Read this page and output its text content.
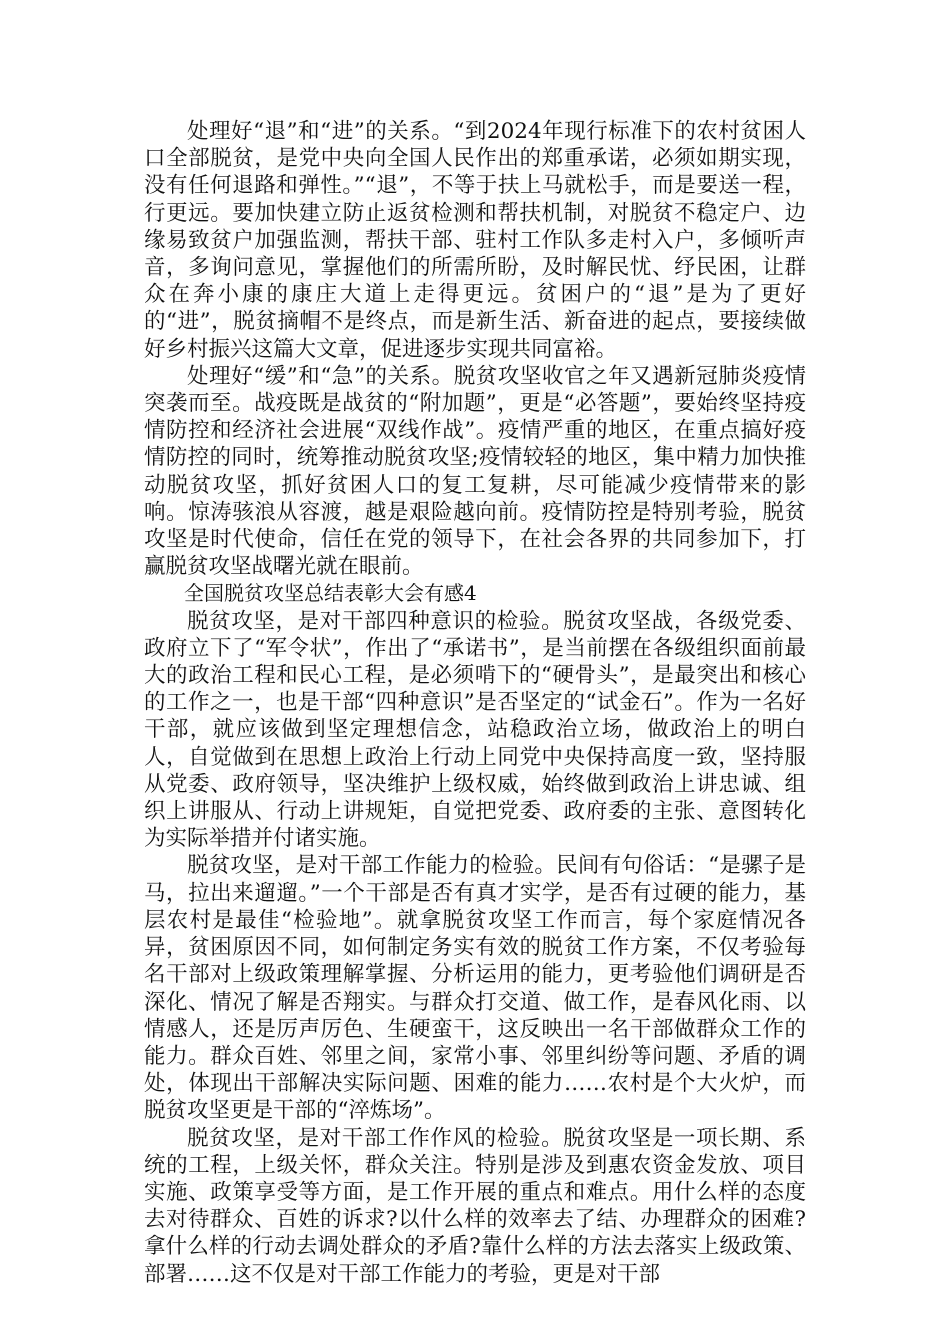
处理好“退”和“进”的关系。“到2024年现行标准下的农村贫困人口全部脱贫，是党中央向全国人民作出的郑重承诺，必须如期实现，没有任何退路和弹性。”“退”，不等于扶上马就松手，而是要送一程，行更远。要加快建立防止返贫检测和帮扶机制，对脱贫不稳定户、边缘易致贫户加强监测，帮扶干部、驻村工作队多走村入户，多倾听声音，多询问意见，掌握他们的所需所盼，及时解民忧、纾民困，让群众在奔小康的康庄大道上走得更远。贫困户的“退”是为了更好的“进”，脱贫摘帽不是终点，而是新生活、新奋进的起点，要接续做好乡村振兴这篇大文章，促进逐步实现共同富裕。

处理好“缓”和“急”的关系。脱贫攻坚收官之年又遇新冠肺炎疫情突袭而至。战疫既是战贫的“附加题”，更是“必答题”，要始终坚持疫情防控和经济社会进展“双线作战”。疫情严重的地区，在重点搞好疫情防控的同时，统筹推动脱贫攻坚;疫情较轻的地区，集中精力加快推动脱贫攻坚，抓好贫困人口的复工复耕，尽可能减少疫情带来的影响。惊涛骇浪从容渡，越是艰险越向前。疫情防控是特别考验，脱贫攻坚是时代使命，信任在党的领导下，在社会各界的共同参加下，打赢脱贫攻坚战曙光就在眼前。

全国脱贫攻坚总结表彰大会有感4

脱贫攻坚，是对干部四种意识的检验。脱贫攻坚战，各级党委、政府立下了“军令状”，作出了“承诺书”，是当前摆在各级组织面前最大的政治工程和民心工程，是必须啃下的“硬骨头”，是最突出和核心的工作之一，也是干部“四种意识”是否坚定的“试金石”。作为一名好干部，就应该做到坚定理想信念，站稳政治立场，做政治上的明白人，自觉做到在思想上政治上行动上同党中央保持高度一致，坚持服从党委、政府领导，坚决维护上级权威，始终做到政治上讲忠诚、组织上讲服从、行动上讲规矩，自觉把党委、政府委的主张、意图转化为实际举措并付诸实施。

脱贫攻坚，是对干部工作能力的检验。民间有句俗话：“是骡子是马，拉出来遛遛。”一个干部是否有真才实学，是否有过硬的能力，基层农村是最佳“检验地”。就拿脱贫攻坚工作而言，每个家庭情况各异，贫困原因不同，如何制定务实有效的脱贫工作方案，不仅考验每名干部对上级政策理解掌握、分析运用的能力，更考验他们调研是否深化、情况了解是否翔实。与群众打交道、做工作，是春风化雨、以情感人，还是厉声厉色、生硬蛮干，这反映出一名干部做群众工作的能力。群众百姓、邻里之间，家常小事、邻里纠纷等问题、矛盾的调处，体现出干部解决实际问题、困难的能力……农村是个大火炉，而脱贫攻坚更是干部的“淬炼场”。

脱贫攻坚，是对干部工作作风的检验。脱贫攻坚是一项长期、系统的工程，上级关怀，群众关注。特别是涉及到惠农资金发放、项目实施、政策享受等方面，是工作开展的重点和难点。用什么样的态度去对待群众、百姓的诉求?以什么样的效率去了结、办理群众的困难?拿什么样的行动去调处群众的矛盾?靠什么样的方法去落实上级政策、部署……这不仅是对干部工作能力的考验，更是对干部
